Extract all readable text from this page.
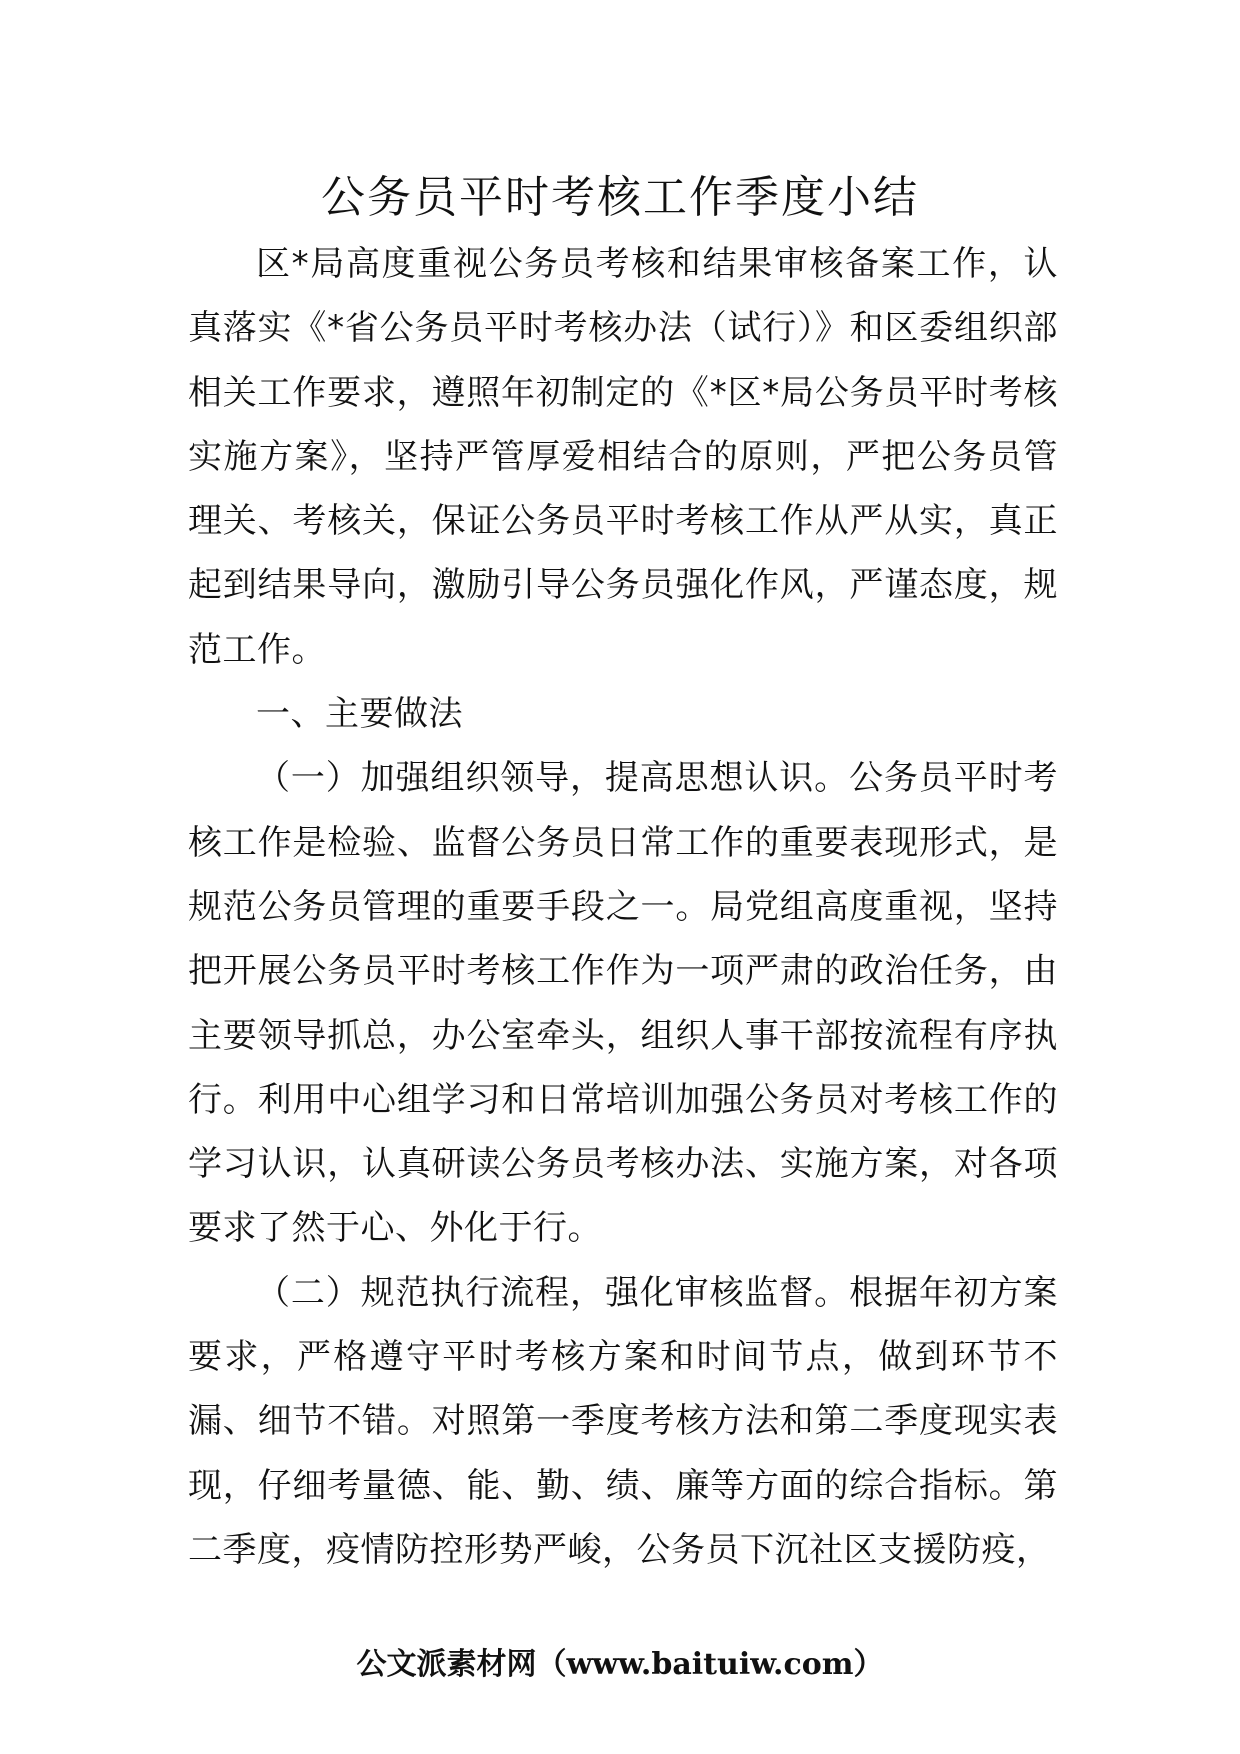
公务员平时考核工作季度小结

区*局高度重视公务员考核和结果审核备案工作，认真落实《*省公务员平时考核办法（试行）》和区委组织部相关工作要求，遵照年初制定的《*区*局公务员平时考核实施方案》，坚持严管厚爱相结合的原则，严把公务员管理关、考核关，保证公务员平时考核工作从严从实，真正起到结果导向，激励引导公务员强化作风，严谨态度，规范工作。

一、主要做法

（一）加强组织领导，提高思想认识。公务员平时考核工作是检验、监督公务员日常工作的重要表现形式，是规范公务员管理的重要手段之一。局党组高度重视，坚持把开展公务员平时考核工作作为一项严肃的政治任务，由主要领导抓总，办公室牵头，组织人事干部按流程有序执行。利用中心组学习和日常培训加强公务员对考核工作的学习认识，认真研读公务员考核办法、实施方案，对各项要求了然于心、外化于行。

（二）规范执行流程，强化审核监督。根据年初方案要求，严格遵守平时考核方案和时间节点，做到环节不漏、细节不错。对照第一季度考核方法和第二季度现实表现，仔细考量德、能、勤、绩、廉等方面的综合指标。第二季度，疫情防控形势严峻，公务员下沉社区支援防疫，

公文派素材网（www.baituiw.com）
